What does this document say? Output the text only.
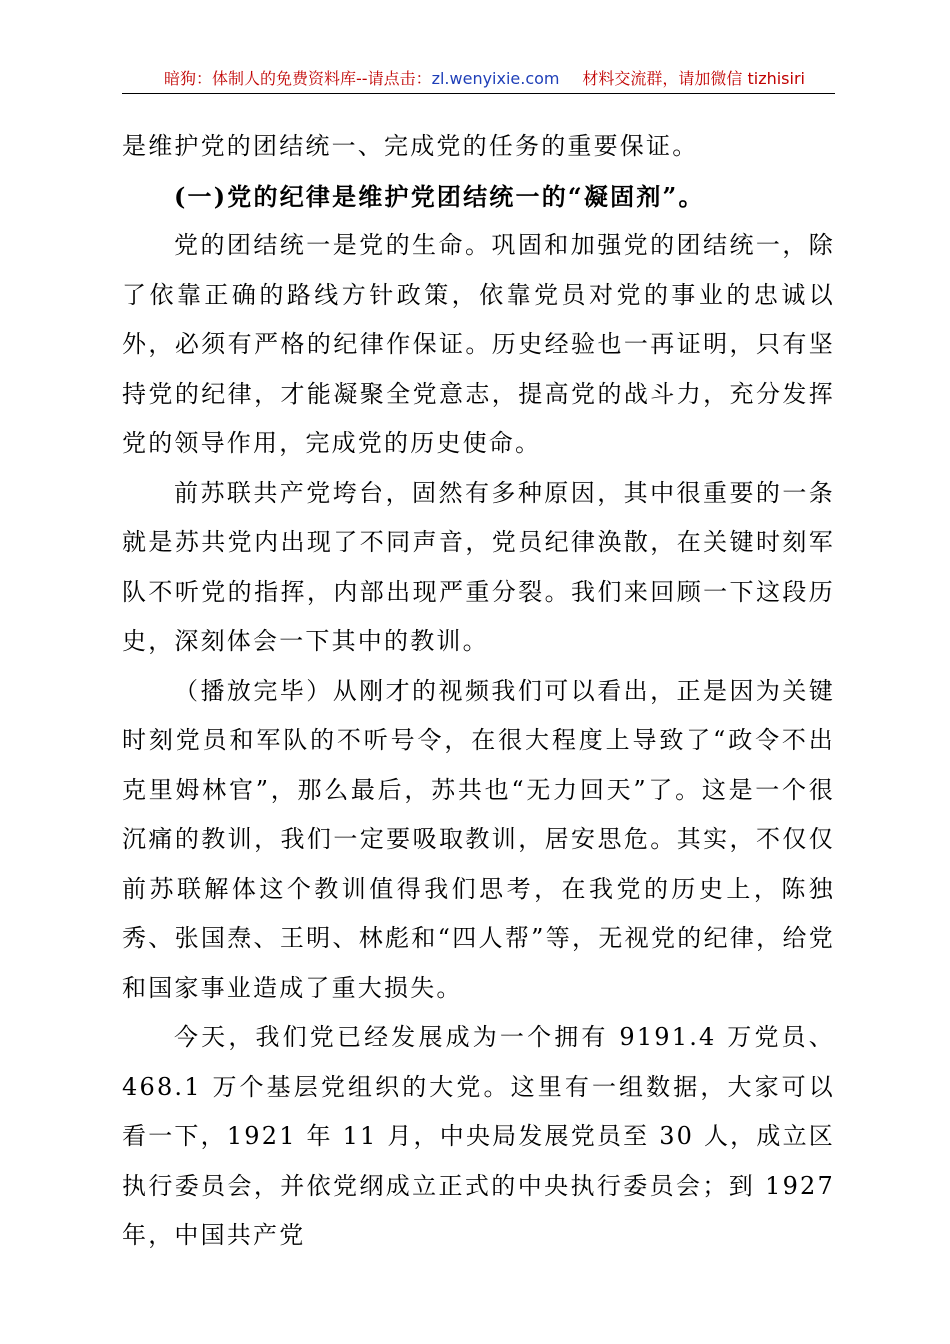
暗狗：体制人的免费资料库--请点击：zl.wenyixie.com 材料交流群，请加微信 tizhisiri

是维护党的团结统一、完成党的任务的重要保证。

(一)党的纪律是维护党团结统一的“凝固剂”。

党的团结统一是党的生命。巩固和加强党的团结统一，除了依靠正确的路线方针政策，依靠党员对党的事业的忠诚以外，必须有严格的纪律作保证。历史经验也一再证明，只有坚持党的纪律，才能凝聚全党意志，提高党的战斗力，充分发挥党的领导作用，完成党的历史使命。

前苏联共产党垮台，固然有多种原因，其中很重要的一条就是苏共党内出现了不同声音，党员纪律涣散，在关键时刻军队不听党的指挥，内部出现严重分裂。我们来回顾一下这段历史，深刻体会一下其中的教训。

（播放完毕）从刚才的视频我们可以看出，正是因为关键时刻党员和军队的不听号令，在很大程度上导致了“政令不出克里姆林官”，那么最后，苏共也“无力回天”了。这是一个很沉痛的教训，我们一定要吸取教训，居安思危。其实，不仅仅前苏联解体这个教训值得我们思考，在我党的历史上，陈独秀、张国焘、王明、林彪和“四人帮”等，无视党的纪律，给党和国家事业造成了重大损失。

今天，我们党已经发展成为一个拥有 9191.4 万党员、468.1 万个基层党组织的大党。这里有一组数据，大家可以看一下，1921 年 11 月，中央局发展党员至 30 人，成立区执行委员会，并依党纲成立正式的中央执行委员会；到 1927 年，中国共产党
